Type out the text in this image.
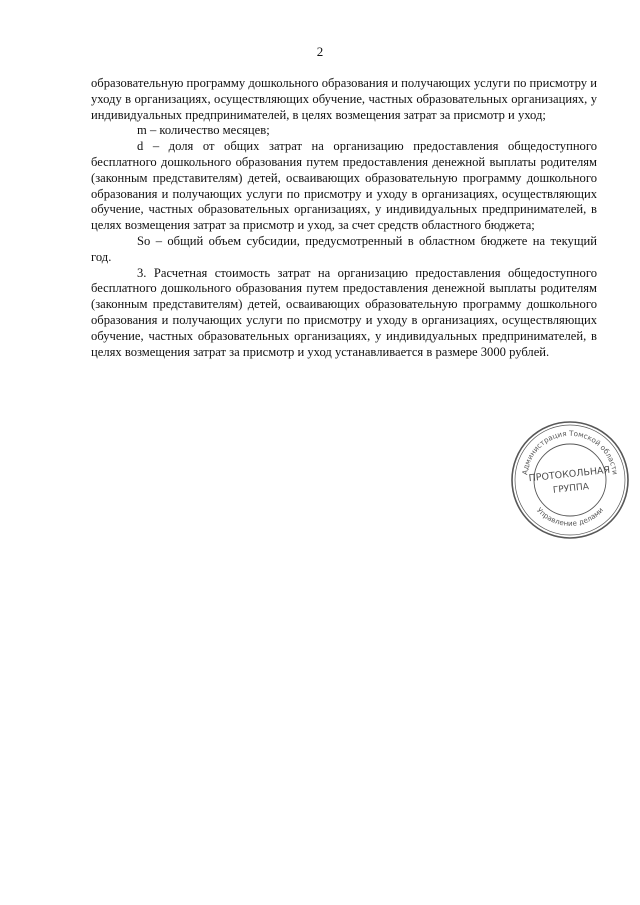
2

образовательную программу дошкольного образования и получающих услуги по присмотру и уходу в организациях, осуществляющих обучение, частных образовательных организациях, у индивидуальных предпринимателей, в целях возмещения затрат за присмотр и уход;

m – количество месяцев;

d – доля от общих затрат на организацию предоставления общедоступного бесплатного дошкольного образования путем предоставления денежной выплаты родителям (законным представителям) детей, осваивающих образовательную программу дошкольного образования и получающих услуги по присмотру и уходу в организациях, осуществляющих обучение, частных образовательных организациях, у индивидуальных предпринимателей, в целях возмещения затрат за присмотр и уход, за счет средств областного бюджета;

So – общий объем субсидии, предусмотренный в областном бюджете на текущий год.

3. Расчетная стоимость затрат на организацию предоставления общедоступного бесплатного дошкольного образования путем предоставления денежной выплаты родителям (законным представителям) детей, осваивающих образовательную программу дошкольного образования и получающих услуги по присмотру и уходу в организациях, осуществляющих обучение, частных образовательных организациях, у индивидуальных предпринимателей, в целях возмещения затрат за присмотр и уход устанавливается в размере 3000 рублей.

Администрация Томской области
Управление делами
ПРОТОКОЛЬНАЯ
ГРУППА
